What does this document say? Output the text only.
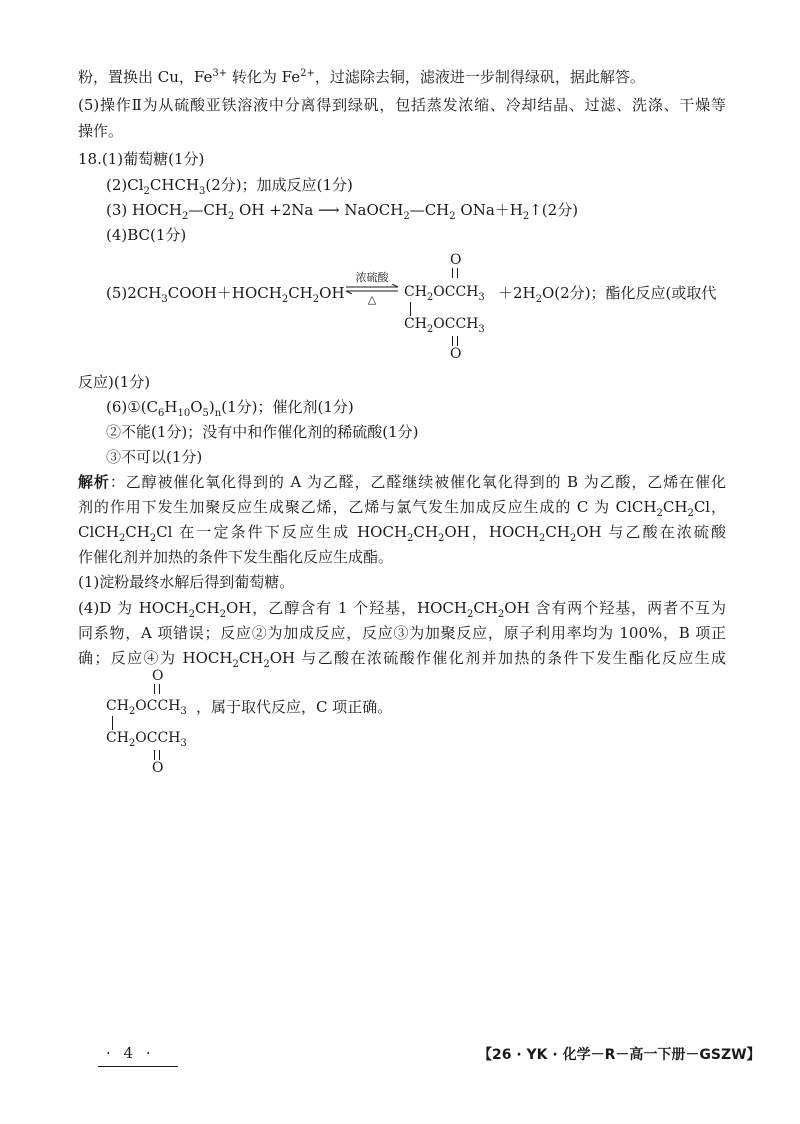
粉，置换出 Cu，$Fe^{3+}$ 转化为 $Fe^{2+}$，过滤除去铜，滤液进一步制得绿矾，据此解答。
(5)操作Ⅱ为从硫酸亚铁溶液中分离得到绿矾，包括蒸发浓缩、冷却结晶、过滤、洗涤、干燥等
操作。
18.(1)葡萄糖(1分)
$(2)Cl_2CHCH_3(2$分)；加成反应(1分)
(3) $HOCH_2—CH_2$ OH +2Na ⟶ $NaOCH_2—CH_2$ $ONa+H_2↑(2$分)
(4)BC(1分)
$(5)2CH_3COOH+HOCH_2CH_2OH$
浓硫酸
△
O
$CH_2OCCH_3$
$CH_2OCCH_3$
O
$+2H_2O(2$分)；酯化反应(或取代
反应)(1分)
$(6)①(C_6H_{10}O_5)_n(1$分)；催化剂(1分)
②不能(1分)；没有中和作催化剂的稀硫酸(1分)
③不可以(1分)
解析：乙醇被催化氧化得到的 A 为乙醛，乙醛继续被催化氧化得到的 B 为乙酸，乙烯在催化
剂的作用下发生加聚反应生成聚乙烯，乙烯与氯气发生加成反应生成的 C 为 $ClCH_2CH_2Cl$，
$ClCH_2CH_2Cl$ 在一定条件下反应生成 $HOCH_2CH_2OH$，$HOCH_2CH_2OH$ 与乙酸在浓硫酸
作催化剂并加热的条件下发生酯化反应生成酯。
(1)淀粉最终水解后得到葡萄糖。
(4)D 为 $HOCH_2CH_2OH$，乙醇含有 1 个羟基，$HOCH_2CH_2OH$ 含有两个羟基，两者不互为
同系物，A 项错误；反应②为加成反应，反应③为加聚反应，原子利用率均为 100%，B 项正
确；反应④为 $HOCH_2CH_2OH$ 与乙酸在浓硫酸作催化剂并加热的条件下发生酯化反应生成
O
$CH_2OCCH_3$
$CH_2OCCH_3$
O
，属于取代反应，C 项正确。
· 4 ·	【26 · YK · 化学－R－高一下册－GSZW】
